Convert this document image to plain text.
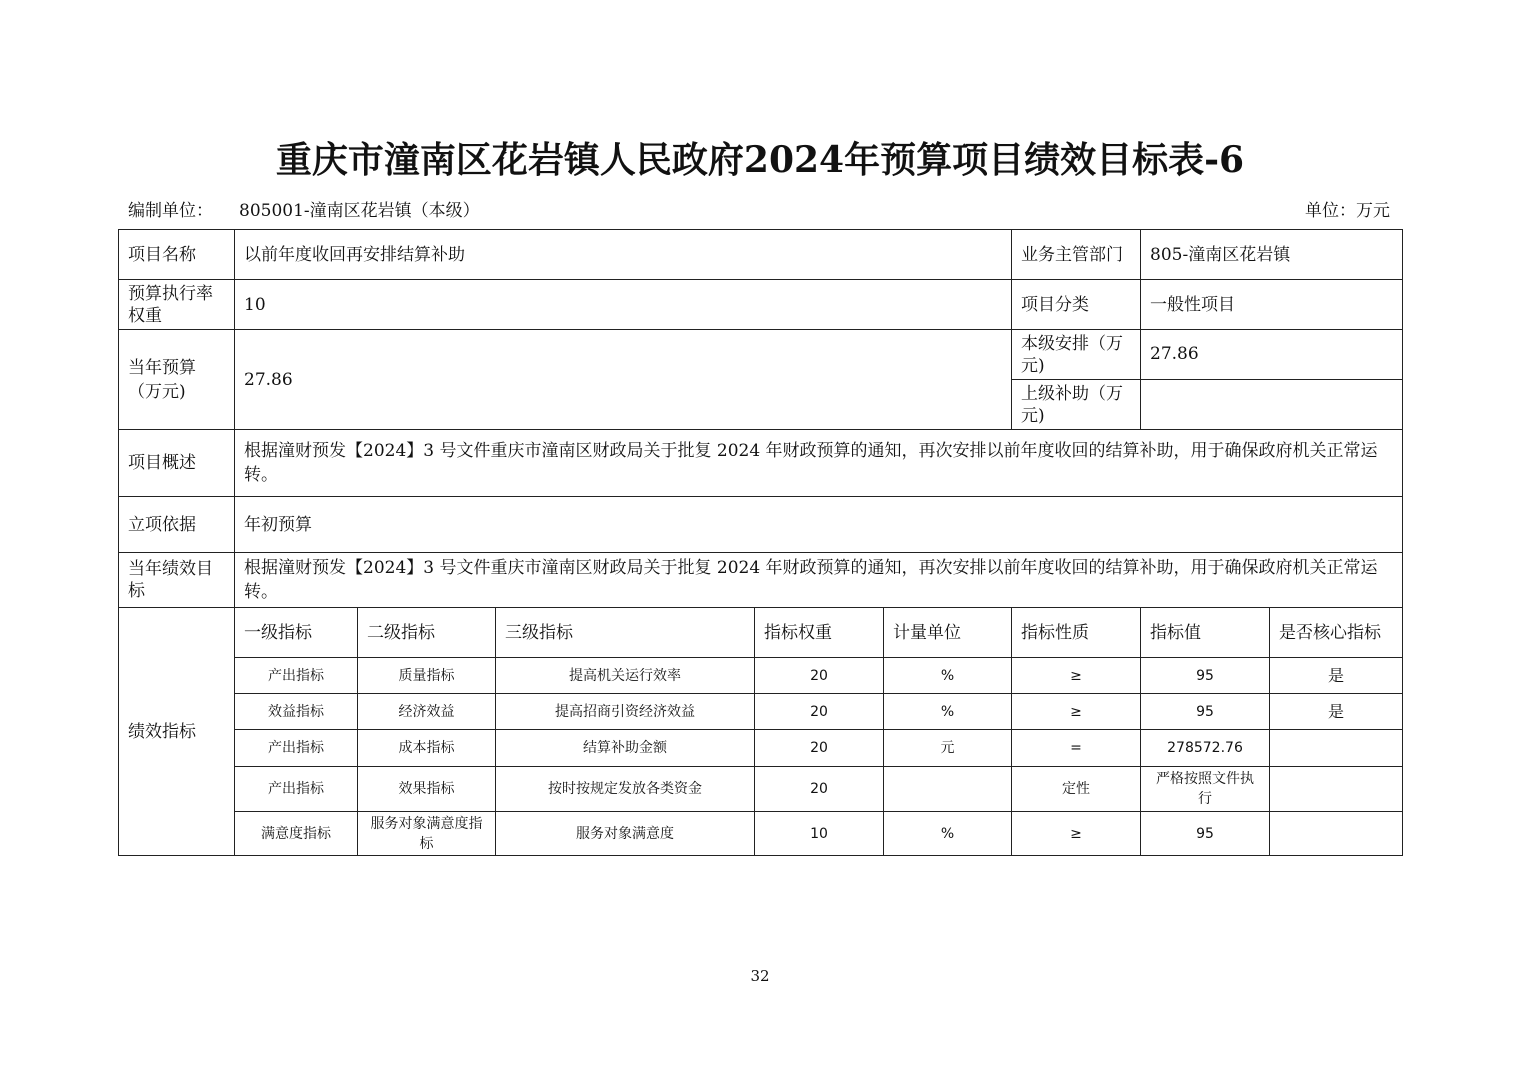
重庆市潼南区花岩镇人民政府2024年预算项目绩效目标表-6
编制单位： 805001-潼南区花岩镇（本级）	单位：万元
项目名称	以前年度收回再安排结算补助					业务主管部门	805-潼南区花岩镇	
预算执行率权重	10					项目分类	一般性项目	
当年预算（万元)	27.86					本级安排（万元)	27.86	
						上级补助（万元)		
项目概述	根据潼财预发【2024】3 号文件重庆市潼南区财政局关于批复 2024 年财政预算的通知，再次安排以前年度收回的结算补助，用于确保政府机关正常运转。							
立项依据	年初预算							
当年绩效目标	根据潼财预发【2024】3 号文件重庆市潼南区财政局关于批复 2024 年财政预算的通知，再次安排以前年度收回的结算补助，用于确保政府机关正常运转。							
绩效指标	一级指标	二级指标	三级指标	指标权重	计量单位	指标性质	指标值	是否核心指标
	产出指标	质量指标	提高机关运行效率	20	%	≥	95	是
	效益指标	经济效益	提高招商引资经济效益	20	%	≥	95	是
	产出指标	成本指标	结算补助金额	20	元	=	278572.76	
	产出指标	效果指标	按时按规定发放各类资金	20		定性	严格按照文件执行	
	满意度指标	服务对象满意度指标	服务对象满意度	10	%	≥	95	
32
